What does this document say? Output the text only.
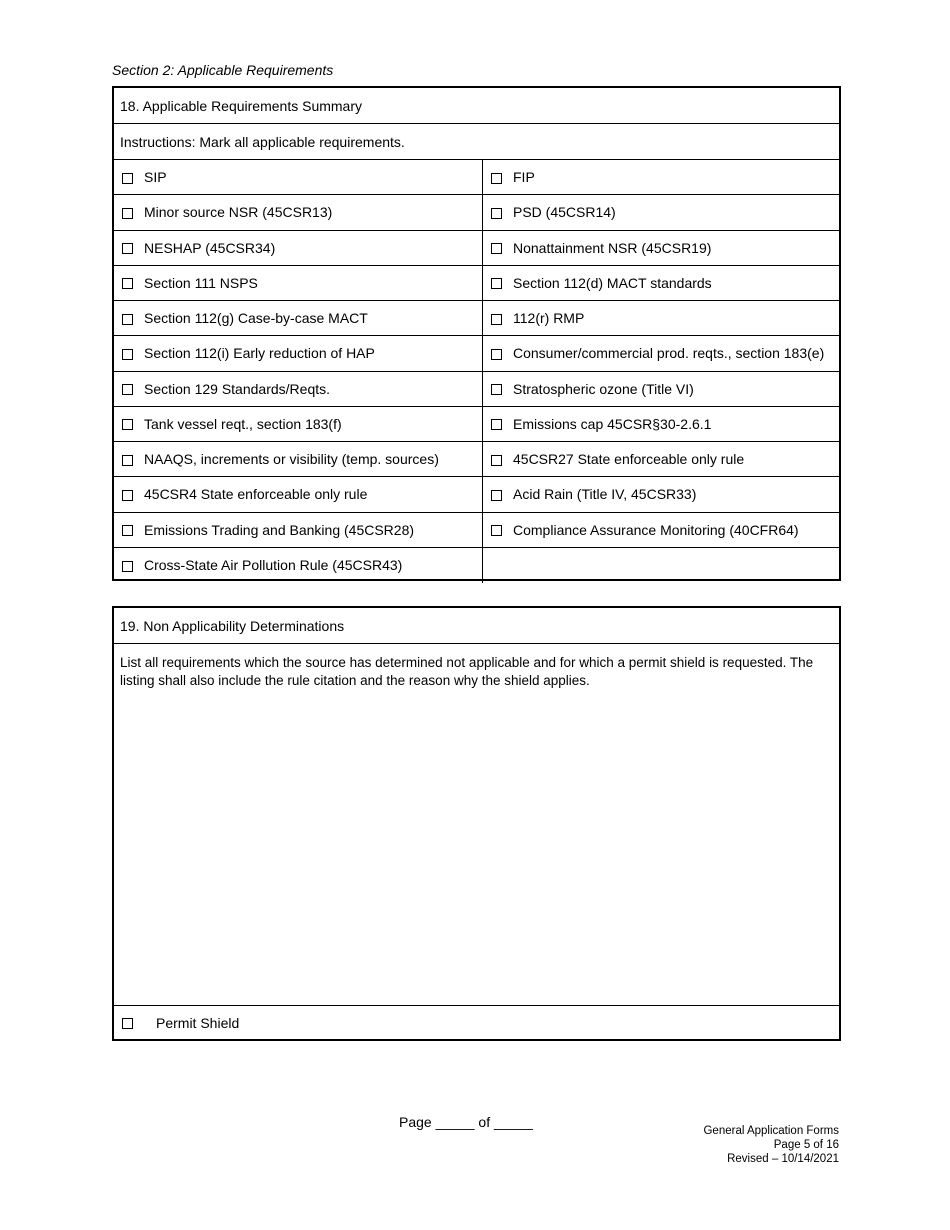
Section 2: Applicable Requirements
18. Applicable Requirements Summary
Instructions: Mark all applicable requirements.
SIP	FIP
Minor source NSR (45CSR13)	PSD (45CSR14)
NESHAP (45CSR34)	Nonattainment NSR (45CSR19)
Section 111 NSPS	Section 112(d) MACT standards
Section 112(g) Case-by-case MACT	112(r) RMP
Section 112(i) Early reduction of HAP	Consumer/commercial prod. reqts., section 183(e)
Section 129 Standards/Reqts.	Stratospheric ozone (Title VI)
Tank vessel reqt., section 183(f)	Emissions cap 45CSR§30-2.6.1
NAAQS, increments or visibility (temp. sources)	45CSR27 State enforceable only rule
45CSR4 State enforceable only rule	Acid Rain (Title IV, 45CSR33)
Emissions Trading and Banking (45CSR28)	Compliance Assurance Monitoring (40CFR64)
Cross-State Air Pollution Rule (45CSR43)
19. Non Applicability Determinations
List all requirements which the source has determined not applicable and for which a permit shield is requested. The listing shall also include the rule citation and the reason why the shield applies.
Permit Shield
Page _____ of _____
General Application Forms
Page 5 of 16
Revised – 10/14/2021
